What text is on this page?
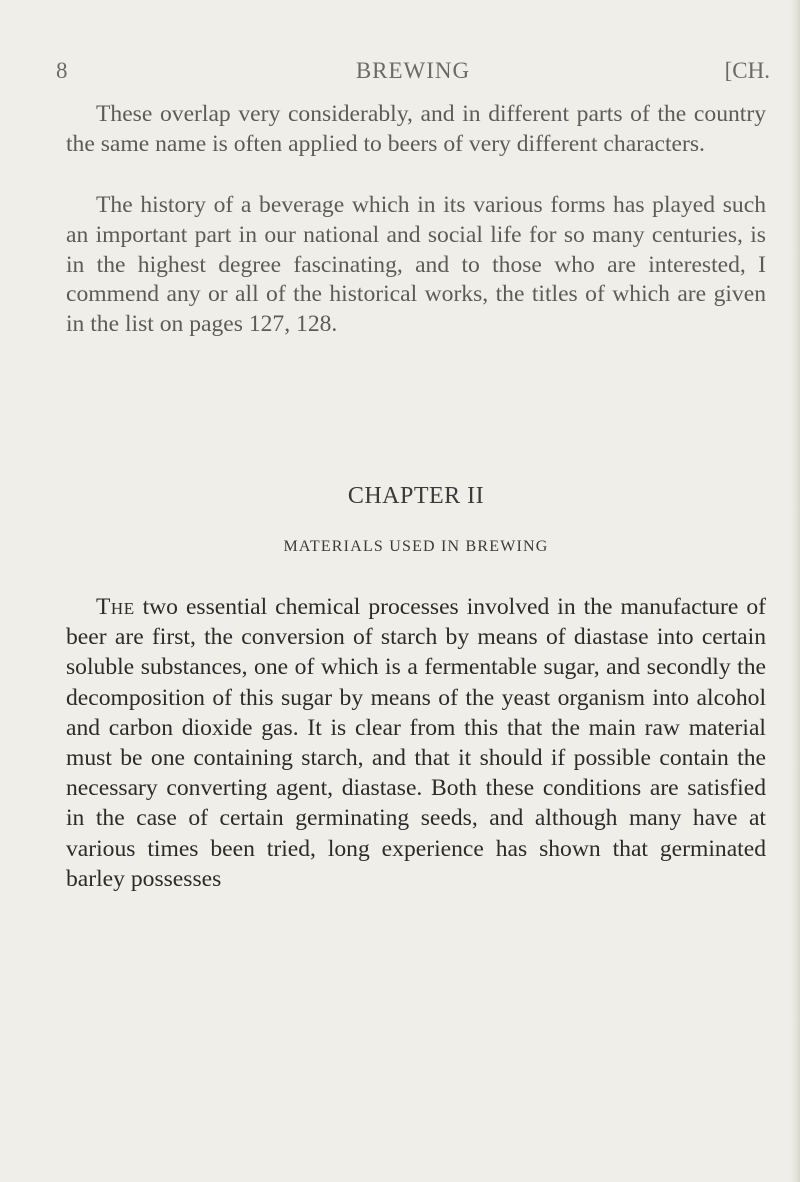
8	BREWING	[CH.

These overlap very considerably, and in different parts of the country the same name is often applied to beers of very different characters.

The history of a beverage which in its various forms has played such an important part in our national and social life for so many centuries, is in the highest degree fascinating, and to those who are interested, I commend any or all of the historical works, the titles of which are given in the list on pages 127, 128.

CHAPTER II
MATERIALS USED IN BREWING

The two essential chemical processes involved in the manufacture of beer are first, the conversion of starch by means of diastase into certain soluble substances, one of which is a fermentable sugar, and secondly the decomposition of this sugar by means of the yeast organism into alcohol and carbon dioxide gas. It is clear from this that the main raw material must be one containing starch, and that it should if possible contain the necessary converting agent, diastase. Both these conditions are satisfied in the case of certain germinating seeds, and although many have at various times been tried, long experience has shown that germinated barley possesses
